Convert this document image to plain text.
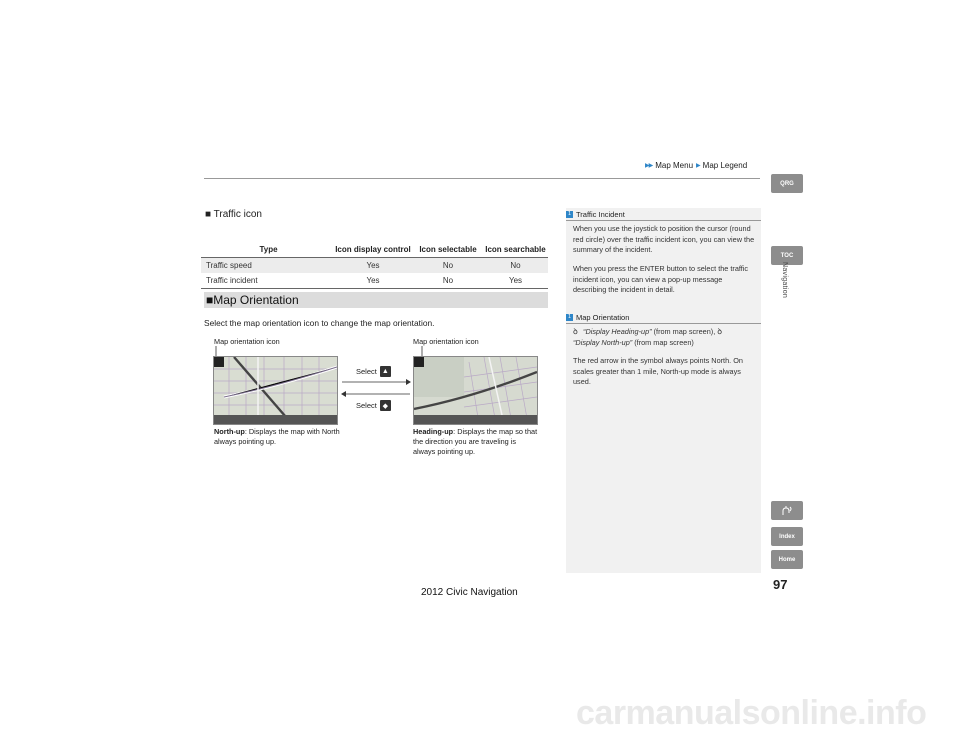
▶▶ Map Menu ▶ Map Legend
QRG
TOC
Navigation
Index
Home
■ Traffic icon
Type	Icon display control	Icon selectable	Icon searchable
Traffic speed	Yes	No	No
Traffic incident	Yes	No	Yes
■Map Orientation
Select the map orientation icon to change the map orientation.
Map orientation icon	Map orientation icon
Select ▲
Select ◆
North-up: Displays the map with North always pointing up.
Heading-up: Displays the map so that the direction you are traveling is always pointing up.
1 Traffic Incident
When you use the joystick to position the cursor (round red circle) over the traffic incident icon, you can view the summary of the incident.
When you press the ENTER button to select the traffic incident icon, you can view a pop-up message describing the incident in detail.
1 Map Orientation
ꝺ “Display Heading-up” (from map screen), ꝺ
“Display North-up” (from map screen)
The red arrow in the symbol always points North. On scales greater than 1 mile, North-up mode is always used.
97
2012 Civic Navigation
carmanualsonline.info
